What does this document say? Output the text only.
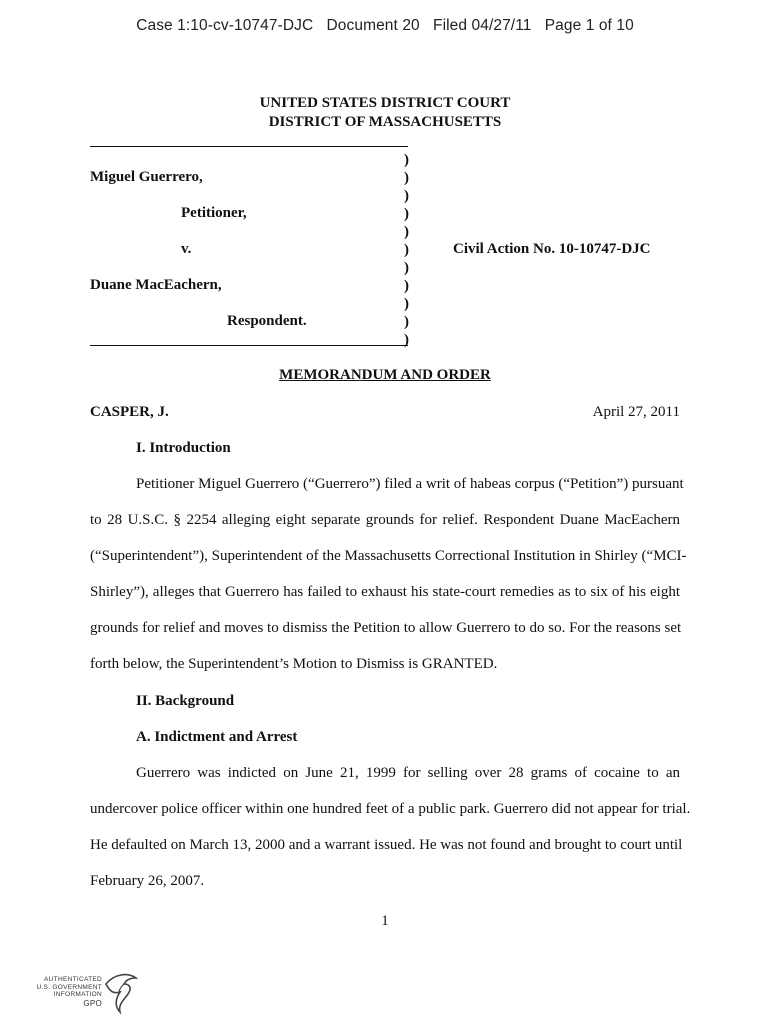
Case 1:10-cv-10747-DJC   Document 20   Filed 04/27/11   Page 1 of 10
UNITED STATES DISTRICT COURT
DISTRICT OF MASSACHUSETTS
)
)
)
)
)
)
)
)
)
)
)
Miguel Guerrero,
Petitioner,
v.
Duane MacEachern,
Respondent.
Civil Action No. 10-10747-DJC
MEMORANDUM AND ORDER
CASPER, J.	April 27, 2011
I. Introduction
Petitioner Miguel Guerrero (“Guerrero”) filed a writ of habeas corpus (“Petition”) pursuant
to 28 U.S.C. § 2254 alleging eight separate grounds for relief. Respondent Duane MacEachern
(“Superintendent”), Superintendent of the Massachusetts Correctional Institution in Shirley (“MCI-
Shirley”), alleges that Guerrero has failed to exhaust his state-court remedies as to six of his eight
grounds for relief and moves to dismiss the Petition to allow Guerrero to do so. For the reasons set
forth below, the Superintendent’s Motion to Dismiss is GRANTED.
II. Background
A. Indictment and Arrest
Guerrero was indicted on June 21, 1999 for selling over 28 grams of cocaine to an
undercover police officer within one hundred feet of a public park. Guerrero did not appear for trial.
He defaulted on March 13, 2000 and a warrant issued. He was not found and brought to court until
February 26, 2007.
1
AUTHENTICATED
U.S. GOVERNMENT
INFORMATION
GPO
